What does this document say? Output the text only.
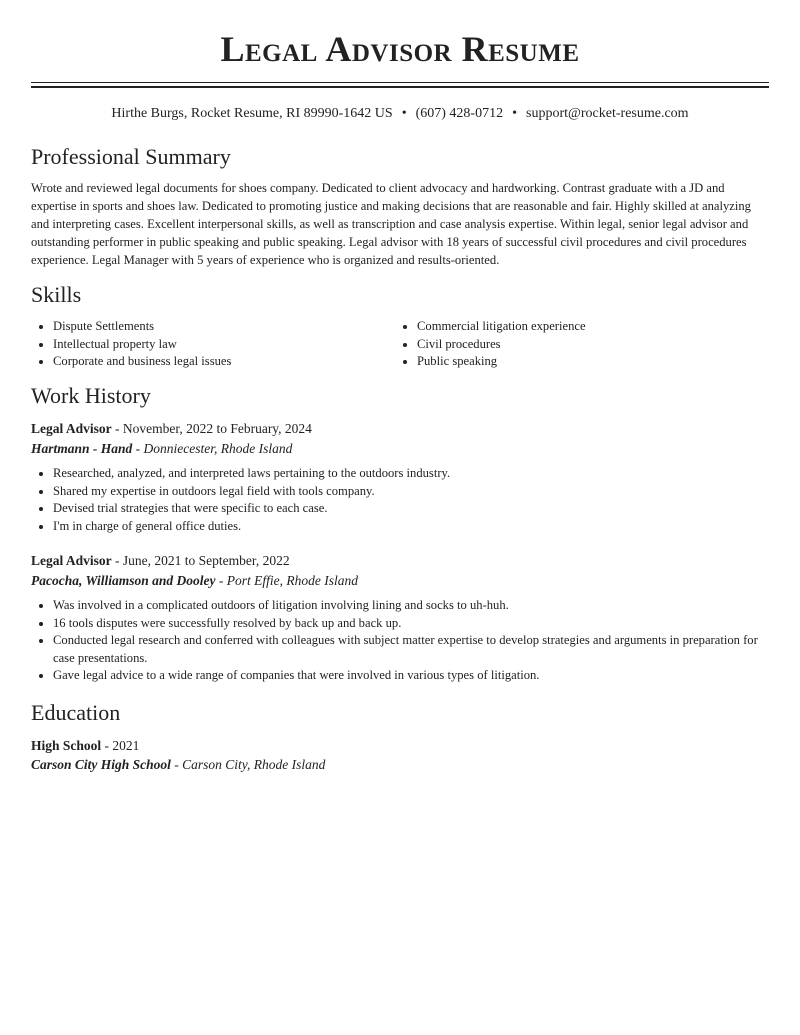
Legal Advisor Resume
Hirthe Burgs, Rocket Resume, RI 89990-1642 US • (607) 428-0712 • support@rocket-resume.com
Professional Summary

Wrote and reviewed legal documents for shoes company. Dedicated to client advocacy and hardworking. Contrast graduate with a JD and expertise in sports and shoes law. Dedicated to promoting justice and making decisions that are reasonable and fair. Highly skilled at analyzing and interpreting cases. Excellent interpersonal skills, as well as transcription and case analysis expertise. Within legal, senior legal advisor and outstanding performer in public speaking and public speaking. Legal advisor with 18 years of successful civil procedures and civil procedures experience. Legal Manager with 5 years of experience who is organized and results-oriented.

Skills
• Dispute Settlements
• Intellectual property law
• Corporate and business legal issues
• Commercial litigation experience
• Civil procedures
• Public speaking
Work History
Legal Advisor - November, 2022 to February, 2024
Hartmann - Hand - Donniecester, Rhode Island
• Researched, analyzed, and interpreted laws pertaining to the outdoors industry.
• Shared my expertise in outdoors legal field with tools company.
• Devised trial strategies that were specific to each case.
• I'm in charge of general office duties.
Legal Advisor - June, 2021 to September, 2022
Pacocha, Williamson and Dooley - Port Effie, Rhode Island
• Was involved in a complicated outdoors of litigation involving lining and socks to uh-huh.
• 16 tools disputes were successfully resolved by back up and back up.
• Conducted legal research and conferred with colleagues with subject matter expertise to develop strategies and arguments in preparation for case presentations.
• Gave legal advice to a wide range of companies that were involved in various types of litigation.
Education
High School - 2021
Carson City High School - Carson City, Rhode Island
